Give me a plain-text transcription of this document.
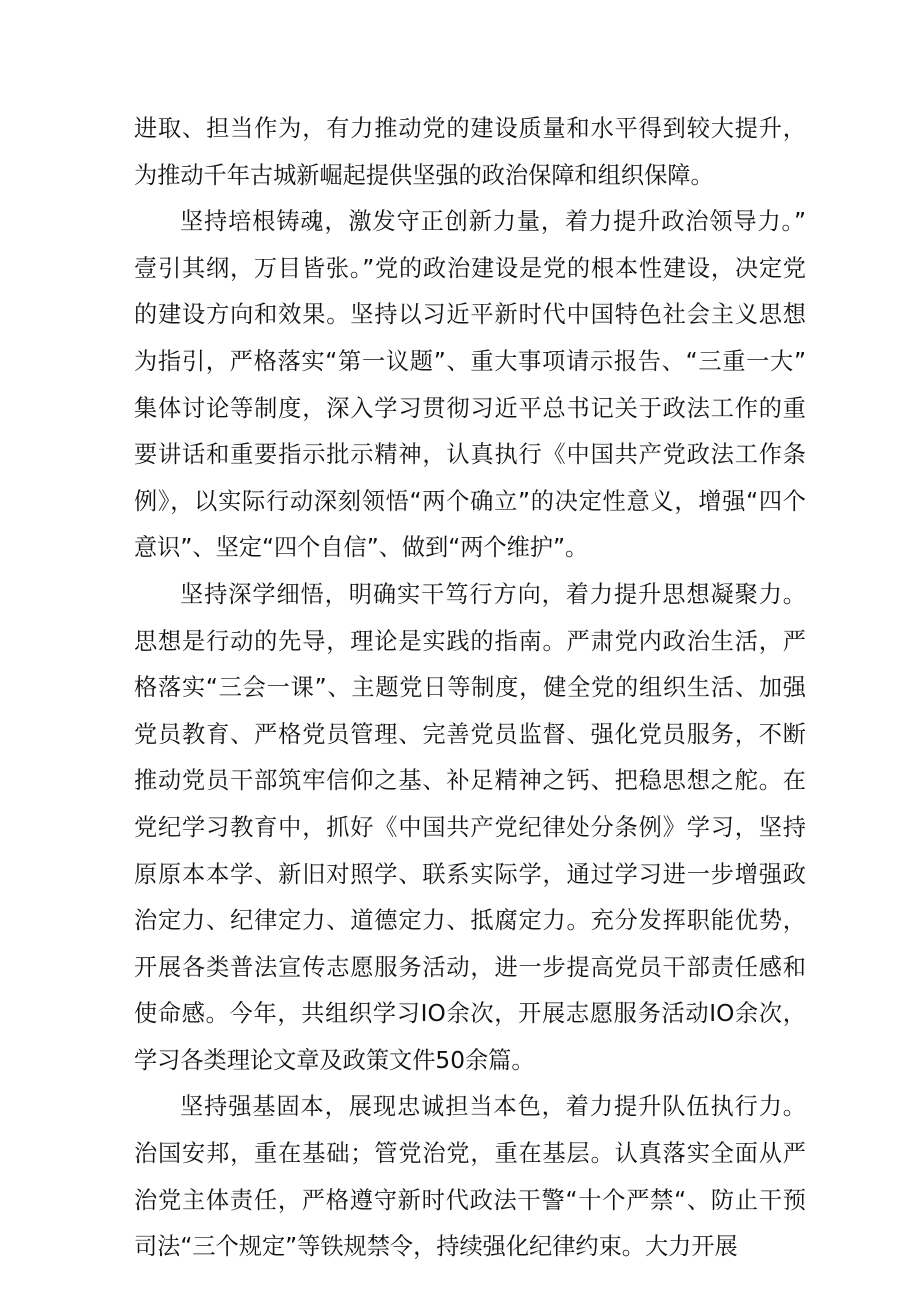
进取、担当作为，有力推动党的建设质量和水平得到较大提升，为推动千年古城新崛起提供坚强的政治保障和组织保障。

坚持培根铸魂，激发守正创新力量，着力提升政治领导力。”壹引其纲，万目皆张。”党的政治建设是党的根本性建设，决定党的建设方向和效果。坚持以习近平新时代中国特色社会主义思想为指引，严格落实“第一议题”、重大事项请示报告、“三重一大”集体讨论等制度，深入学习贯彻习近平总书记关于政法工作的重要讲话和重要指示批示精神，认真执行《中国共产党政法工作条例》，以实际行动深刻领悟“两个确立”的决定性意义，增强“四个意识”、坚定“四个自信”、做到“两个维护”。

坚持深学细悟，明确实干笃行方向，着力提升思想凝聚力。思想是行动的先导，理论是实践的指南。严肃党内政治生活，严格落实“三会一课”、主题党日等制度，健全党的组织生活、加强党员教育、严格党员管理、完善党员监督、强化党员服务，不断推动党员干部筑牢信仰之基、补足精神之钙、把稳思想之舵。在党纪学习教育中，抓好《中国共产党纪律处分条例》学习，坚持原原本本学、新旧对照学、联系实际学，通过学习进一步增强政治定力、纪律定力、道德定力、抵腐定力。充分发挥职能优势，开展各类普法宣传志愿服务活动，进一步提高党员干部责任感和使命感。今年，共组织学习IO余次，开展志愿服务活动IO余次，学习各类理论文章及政策文件50余篇。

坚持强基固本，展现忠诚担当本色，着力提升队伍执行力。治国安邦，重在基础；管党治党，重在基层。认真落实全面从严治党主体责任，严格遵守新时代政法干警“十个严禁“、防止干预司法“三个规定”等铁规禁令，持续强化纪律约束。大力开展
